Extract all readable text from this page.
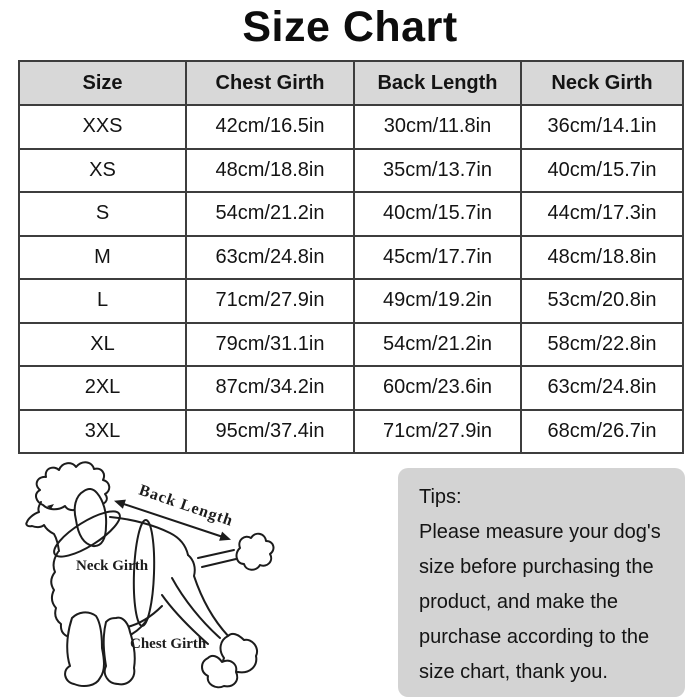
Size Chart
Size	Chest Girth	Back Length	Neck Girth
XXS	42cm/16.5in	30cm/11.8in	36cm/14.1in
XS	48cm/18.8in	35cm/13.7in	40cm/15.7in
S	54cm/21.2in	40cm/15.7in	44cm/17.3in
M	63cm/24.8in	45cm/17.7in	48cm/18.8in
L	71cm/27.9in	49cm/19.2in	53cm/20.8in
XL	79cm/31.1in	54cm/21.2in	58cm/22.8in
2XL	87cm/34.2in	60cm/23.6in	63cm/24.8in
3XL	95cm/37.4in	71cm/27.9in	68cm/26.7in
Back Length
Neck Girth
Chest Girth
Tips:
Please measure your dog's size before purchasing the product, and make the purchase according to the size chart, thank you.
